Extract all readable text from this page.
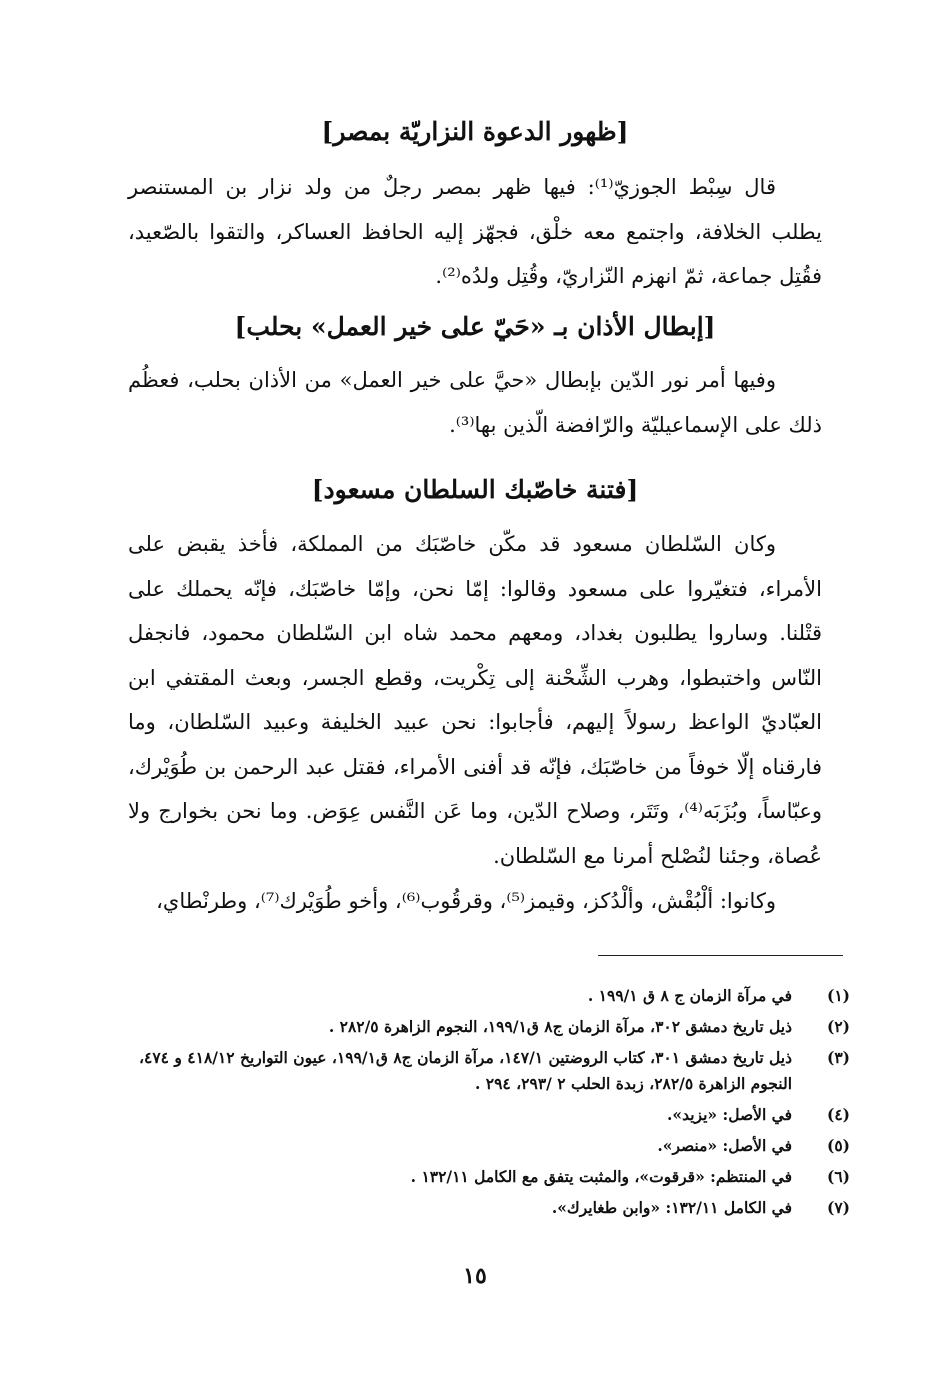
[ظهور الدعوة النزاريّة بمصر]
قال سِبْط الجوزيّ⁽¹⁾: فيها ظهر بمصر رجلٌ من ولد نزار بن المستنصر يطلب الخلافة، واجتمع معه خلْق، فجهّز إليه الحافظ العساكر، والتقوا بالصّعيد، فقُتِل جماعة، ثمّ انهزم النّزاريّ، وقُتِل ولدُه⁽²⁾.
[إبطال الأذان بـ «حَيّ على خير العمل» بحلب]
وفيها أمر نور الدّين بإبطال «حيَّ على خير العمل» من الأذان بحلب، فعظُم ذلك على الإسماعيليّة والرّافضة الّذين بها⁽³⁾.
[فتنة خاصّبك السلطان مسعود]
وكان السّلطان مسعود قد مكّن خاصّبَك من المملكة، فأخذ يقبض على الأمراء، فتغيّروا على مسعود وقالوا: إمّا نحن، وإمّا خاصّبَك، فإنّه يحملك على قتْلنا. وساروا يطلبون بغداد، ومعهم محمد شاه ابن السّلطان محمود، فانجفل النّاس واختبطوا، وهرب الشِّحْنة إلى تِكْريت، وقطع الجسر، وبعث المقتفي ابن العبّاديّ الواعظ رسولاً إليهم، فأجابوا: نحن عبيد الخليفة وعبيد السّلطان، وما فارقناه إلّا خوفاً من خاصّبَك، فإنّه قد أفنى الأمراء، فقتل عبد الرحمن بن طُوَيْرك، وعبّاساً، وبُزَبَه⁽⁴⁾، وتَتَر، وصلاح الدّين، وما عَن النَّفس عِوَض. وما نحن بخوارج ولا عُصاة، وجئنا لنُصْلح أمرنا مع السّلطان.
وكانوا: ألْبُقْش، وألْدُكز، وقيمز⁽⁵⁾، وقرقُوب⁽⁶⁾، وأخو طُوَيْرك⁽⁷⁾، وطرنْطاي،
(١)
في مرآة الزمان ج ٨ ق ١٩٩/١ .
(٢)
ذيل تاريخ دمشق ٣٠٢، مرآة الزمان ج٨ ق١٩٩/١، النجوم الزاهرة ٢٨٢/٥ .
(٣)
ذيل تاريخ دمشق ٣٠١، كتاب الروضتين ١٤٧/١، مرآة الزمان ج٨ ق١٩٩/١، عيون التواريخ ٤١٨/١٢ و ٤٧٤، النجوم الزاهرة ٢٨٢/٥، زبدة الحلب ٢ /٢٩٣، ٢٩٤ .
(٤)
في الأصل: «يزيد».
(٥)
في الأصل: «منصر».
(٦)
في المنتظم: «قرقوت»، والمثبت يتفق مع الكامل ١٣٢/١١ .
(٧)
في الكامل ١٣٢/١١: «وابن طغايرك».
١٥
